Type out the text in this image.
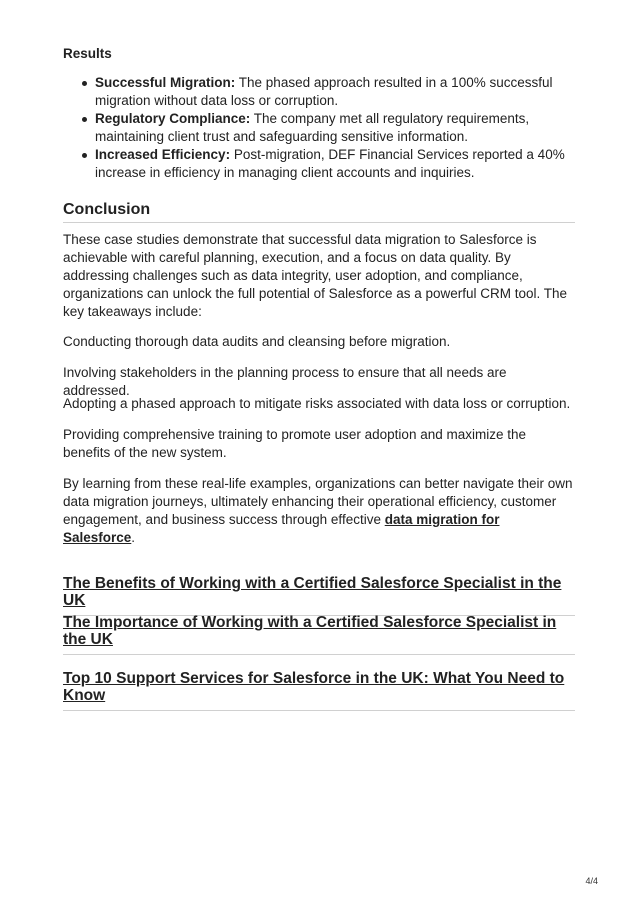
Results
Successful Migration: The phased approach resulted in a 100% successful migration without data loss or corruption.
Regulatory Compliance: The company met all regulatory requirements, maintaining client trust and safeguarding sensitive information.
Increased Efficiency: Post-migration, DEF Financial Services reported a 40% increase in efficiency in managing client accounts and inquiries.
Conclusion

These case studies demonstrate that successful data migration to Salesforce is achievable with careful planning, execution, and a focus on data quality. By addressing challenges such as data integrity, user adoption, and compliance, organizations can unlock the full potential of Salesforce as a powerful CRM tool. The key takeaways include:

Conducting thorough data audits and cleansing before migration.

Involving stakeholders in the planning process to ensure that all needs are addressed.

Adopting a phased approach to mitigate risks associated with data loss or corruption.

Providing comprehensive training to promote user adoption and maximize the benefits of the new system.

By learning from these real-life examples, organizations can better navigate their own data migration journeys, ultimately enhancing their operational efficiency, customer engagement, and business success through effective data migration for Salesforce.

The Benefits of Working with a Certified Salesforce Specialist in the UK
The Importance of Working with a Certified Salesforce Specialist in the UK
Top 10 Support Services for Salesforce in the UK: What You Need to Know
4/4
